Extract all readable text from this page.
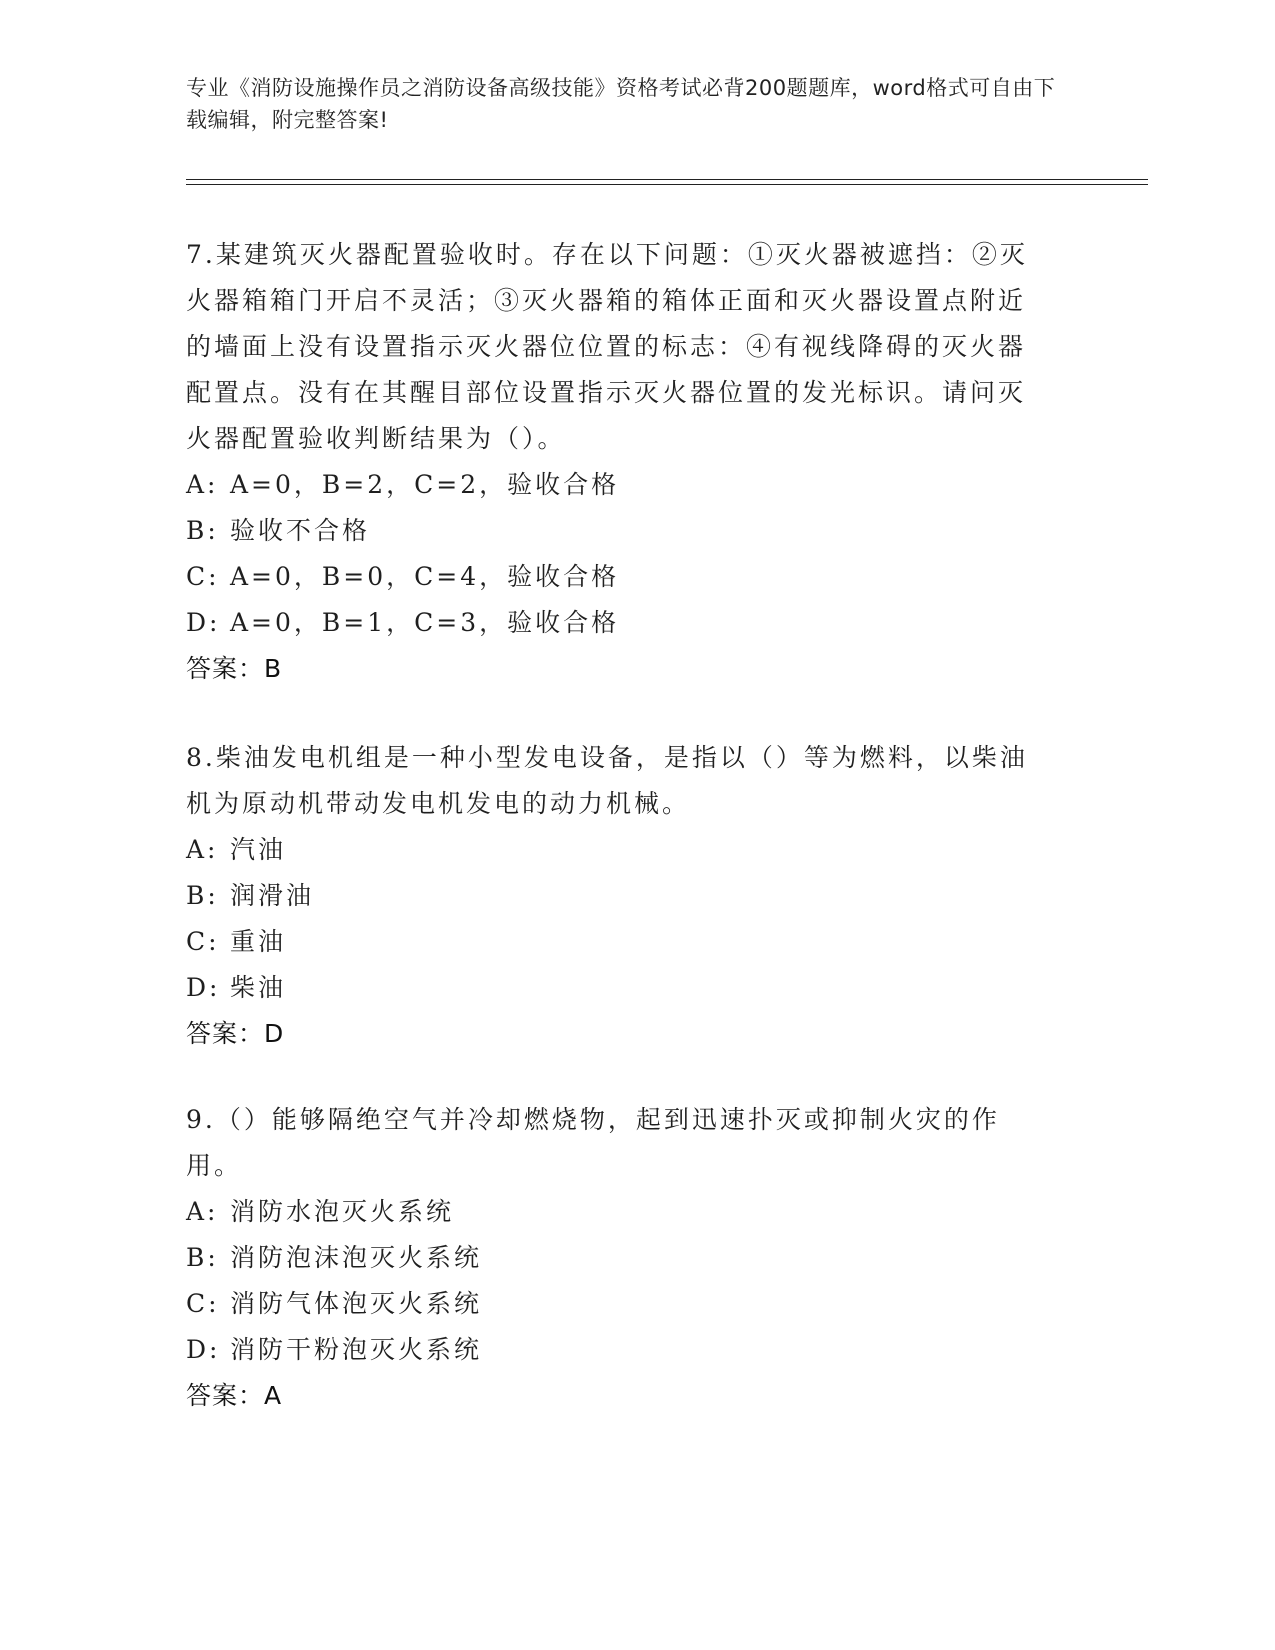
专业《消防设施操作员之消防设备高级技能》资格考试必背200题题库，word格式可自由下载编辑，附完整答案!

7.某建筑灭火器配置验收时。存在以下问题：①灭火器被遮挡：②灭火器箱箱门开启不灵活；③灭火器箱的箱体正面和灭火器设置点附近的墙面上没有设置指示灭火器位位置的标志：④有视线降碍的灭火器配置点。没有在其醒目部位设置指示灭火器位置的发光标识。请问灭火器配置验收判断结果为（）。

A: A=0，B=2，C=2，验收合格
B: 验收不合格
C: A=0，B=0，C=4，验收合格
D: A=0，B=1，C=3，验收合格
答案：B

8.柴油发电机组是一种小型发电设备，是指以（）等为燃料，以柴油机为原动机带动发电机发电的动力机械。

A: 汽油
B: 润滑油
C: 重油
D: 柴油
答案：D

9.（）能够隔绝空气并冷却燃烧物，起到迅速扑灭或抑制火灾的作用。

A: 消防水泡灭火系统
B: 消防泡沫泡灭火系统
C: 消防气体泡灭火系统
D: 消防干粉泡灭火系统
答案：A
